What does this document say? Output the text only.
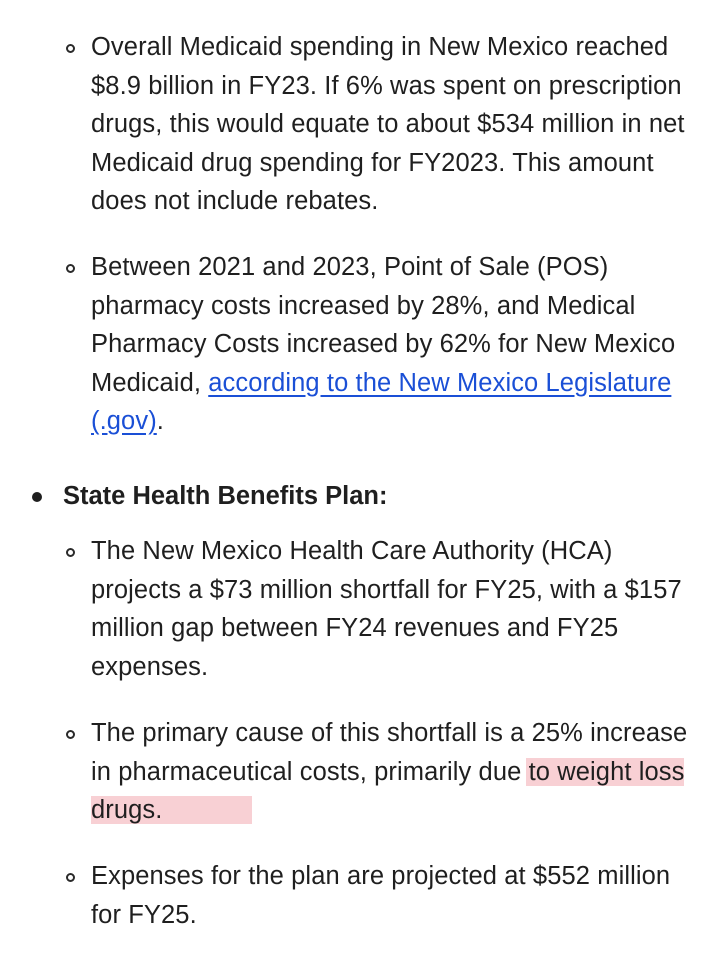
Overall Medicaid spending in New Mexico reached $8.9 billion in FY23. If 6% was spent on prescription drugs, this would equate to about $534 million in net Medicaid drug spending for FY2023. This amount does not include rebates.
Between 2021 and 2023, Point of Sale (POS) pharmacy costs increased by 28%, and Medical Pharmacy Costs increased by 62% for New Mexico Medicaid, according to the New Mexico Legislature (.gov).
State Health Benefits Plan:
The New Mexico Health Care Authority (HCA) projects a $73 million shortfall for FY25, with a $157 million gap between FY24 revenues and FY25 expenses.
The primary cause of this shortfall is a 25% increase in pharmaceutical costs, primarily due to weight loss drugs.
Expenses for the plan are projected at $552 million for FY25.
